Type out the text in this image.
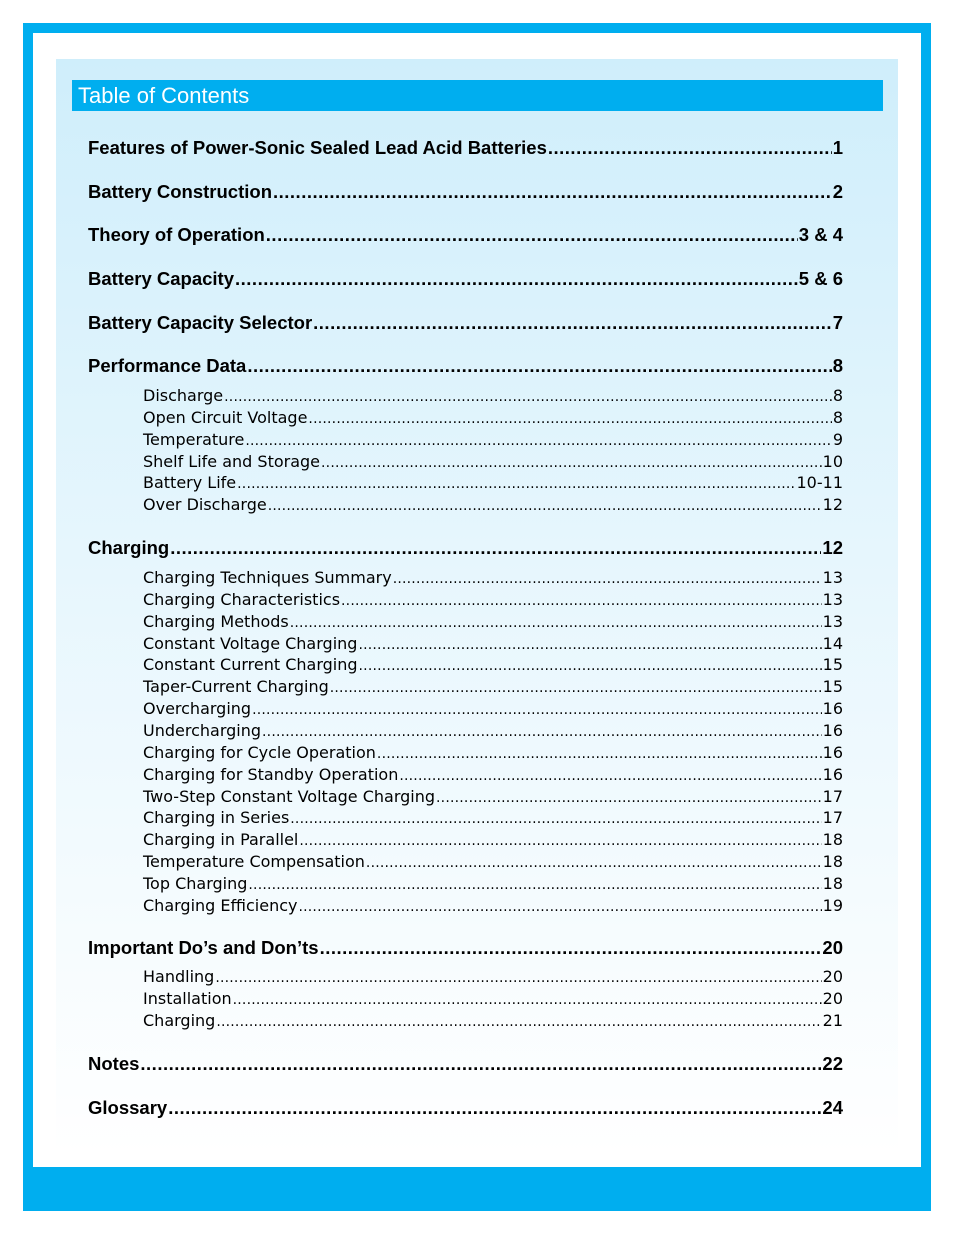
Table of Contents
Features of Power-Sonic Sealed Lead Acid Batteries .....	1
Battery Construction .....	2
Theory of Operation .....	3 & 4
Battery Capacity .....	5 & 6
Battery Capacity Selector .....	7
Performance Data .....	8
Discharge .....	8
Open Circuit Voltage .....	8
Temperature .....	9
Shelf Life and Storage .....	10
Battery Life .....	10-11
Over Discharge .....	12
Charging .....	12
Charging Techniques Summary .....	13
Charging Characteristics .....	13
Charging Methods .....	13
Constant Voltage Charging .....	14
Constant Current Charging .....	15
Taper-Current Charging .....	15
Overcharging .....	16
Undercharging .....	16
Charging for Cycle Operation .....	16
Charging for Standby Operation .....	16
Two-Step Constant Voltage Charging .....	17
Charging in Series .....	17
Charging in Parallel .....	18
Temperature Compensation .....	18
Top Charging .....	18
Charging Efficiency .....	19
Important Do’s and Don’ts .....	20
Handling .....	20
Installation .....	20
Charging .....	21
Notes .....	22
Glossary .....	24
